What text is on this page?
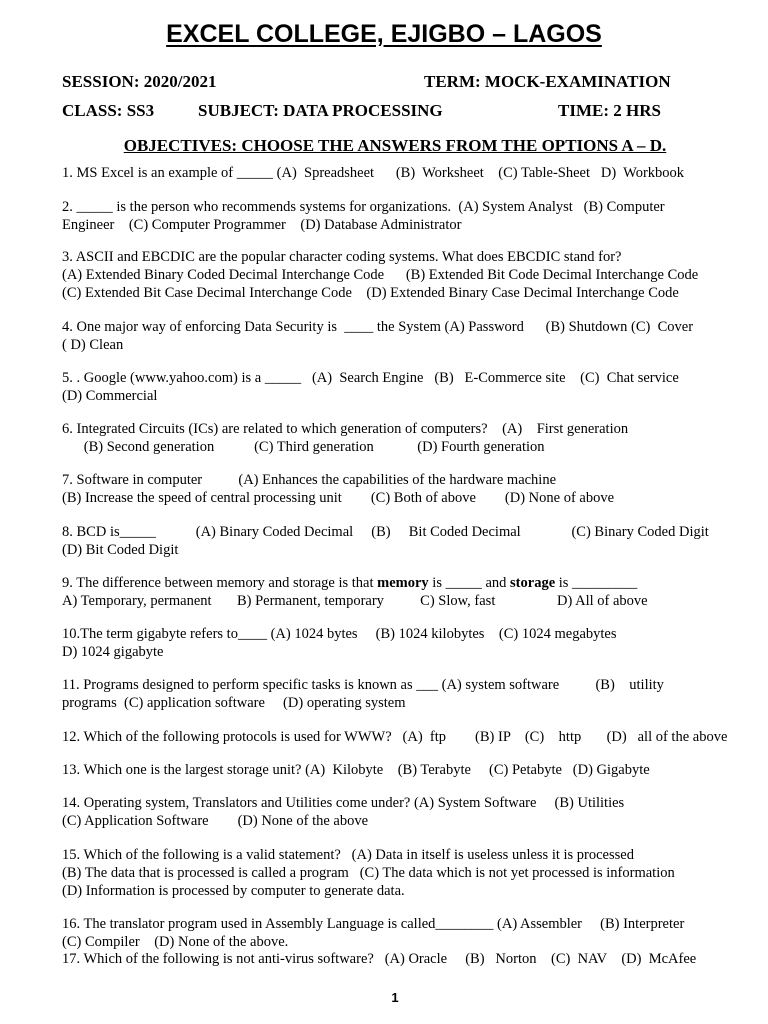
EXCEL COLLEGE, EJIGBO – LAGOS
SESSION: 2020/2021	TERM: MOCK-EXAMINATION
CLASS: SS3	SUBJECT: DATA PROCESSING	TIME: 2 HRS
OBJECTIVES: CHOOSE THE ANSWERS FROM THE OPTIONS A – D.
1. MS Excel is an example of _____ (A)  Spreadsheet      (B)  Worksheet    (C) Table-Sheet   D)  Workbook
2. _____ is the person who recommends systems for organizations.  (A) System Analyst   (B) Computer
Engineer    (C) Computer Programmer    (D) Database Administrator
3. ASCII and EBCDIC are the popular character coding systems. What does EBCDIC stand for?
(A) Extended Binary Coded Decimal Interchange Code      (B) Extended Bit Code Decimal Interchange Code
(C) Extended Bit Case Decimal Interchange Code    (D) Extended Binary Case Decimal Interchange Code
4. One major way of enforcing Data Security is  ____ the System (A) Password      (B) Shutdown (C)  Cover
( D) Clean
5. . Google (www.yahoo.com) is a _____   (A)  Search Engine   (B)   E-Commerce site    (C)  Chat service
(D) Commercial
6. Integrated Circuits (ICs) are related to which generation of computers?    (A)    First generation
(B) Second generation           (C) Third generation            (D) Fourth generation
7. Software in computer          (A) Enhances the capabilities of the hardware machine
(B) Increase the speed of central processing unit        (C) Both of above        (D) None of above
8. BCD is_____           (A) Binary Coded Decimal     (B)     Bit Coded Decimal              (C) Binary Coded Digit
(D) Bit Coded Digit
9. The difference between memory and storage is that memory is _____ and storage is _________
A) Temporary, permanent       B) Permanent, temporary          C) Slow, fast                 D) All of above
10.The term gigabyte refers to____ (A) 1024 bytes     (B) 1024 kilobytes    (C) 1024 megabytes
D) 1024 gigabyte
11. Programs designed to perform specific tasks is known as ___ (A) system software          (B)    utility
programs  (C) application software     (D) operating system
12. Which of the following protocols is used for WWW?   (A)  ftp        (B) IP    (C)    http       (D)   all of the above
13. Which one is the largest storage unit? (A)  Kilobyte    (B) Terabyte     (C) Petabyte   (D) Gigabyte
14. Operating system, Translators and Utilities come under? (A) System Software     (B) Utilities
(C) Application Software        (D) None of the above
15. Which of the following is a valid statement?   (A) Data in itself is useless unless it is processed
(B) The data that is processed is called a program   (C) The data which is not yet processed is information
(D) Information is processed by computer to generate data.
16. The translator program used in Assembly Language is called________ (A) Assembler     (B) Interpreter
(C) Compiler    (D) None of the above.
17. Which of the following is not anti-virus software?   (A) Oracle     (B)   Norton    (C)  NAV    (D)  McAfee
1
